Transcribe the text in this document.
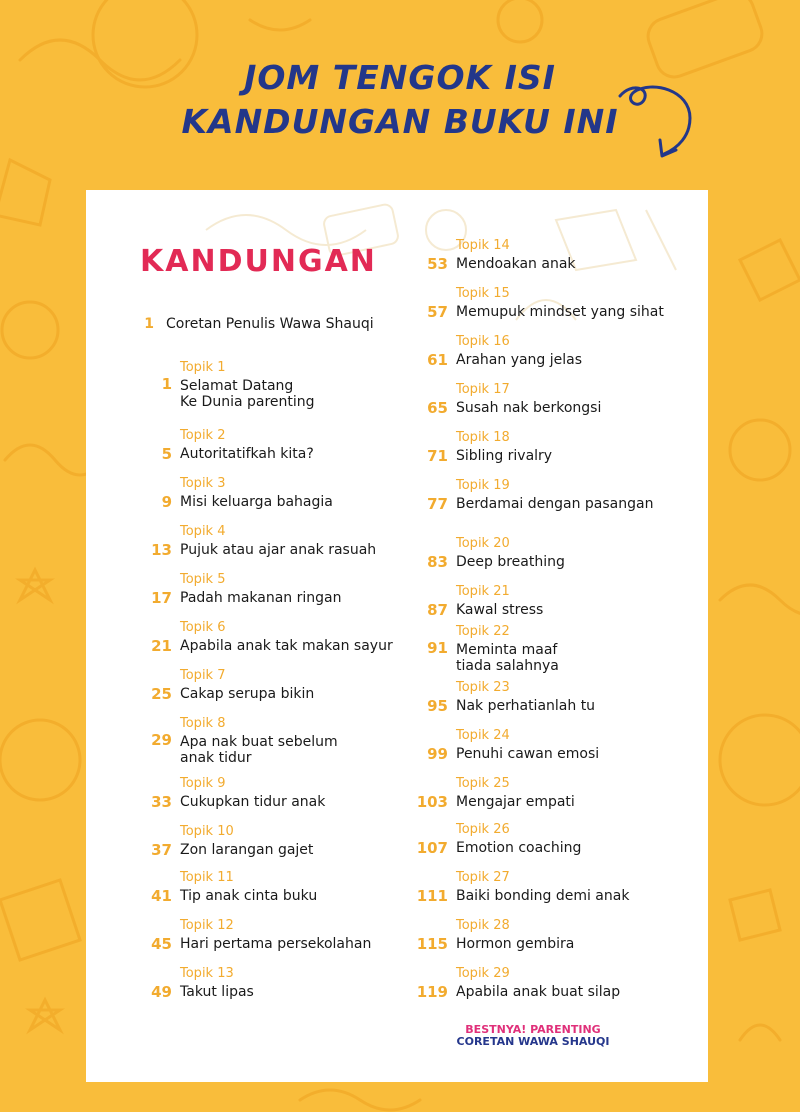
JOM TENGOK ISI
KANDUNGAN BUKU INI
KANDUNGAN
1 Coretan Penulis Wawa Shauqi
1
Topik 1
Selamat Datang
Ke Dunia parenting
5
Topik 2
Autoritatifkah kita?
9
Topik 3
Misi keluarga bahagia
13
Topik 4
Pujuk atau ajar anak rasuah
17
Topik 5
Padah makanan ringan
21
Topik 6
Apabila anak tak makan sayur
25
Topik 7
Cakap serupa bikin
29
Topik 8
Apa nak buat sebelum
anak tidur
33
Topik 9
Cukupkan tidur anak
37
Topik 10
Zon larangan gajet
41
Topik 11
Tip anak cinta buku
45
Topik 12
Hari pertama persekolahan
49
Topik 13
Takut lipas
53
Topik 14
Mendoakan anak
57
Topik 15
Memupuk mindset yang sihat
61
Topik 16
Arahan yang jelas
65
Topik 17
Susah nak berkongsi
71
Topik 18
Sibling rivalry
77
Topik 19
Berdamai dengan pasangan
83
Topik 20
Deep breathing
87
Topik 21
Kawal stress
91
Topik 22
Meminta maaf
tiada salahnya
95
Topik 23
Nak perhatianlah tu
99
Topik 24
Penuhi cawan emosi
103
Topik 25
Mengajar empati
107
Topik 26
Emotion coaching
111
Topik 27
Baiki bonding demi anak
115
Topik 28
Hormon gembira
119
Topik 29
Apabila anak buat silap
BESTNYA! PARENTING
CORETAN WAWA SHAUQI
